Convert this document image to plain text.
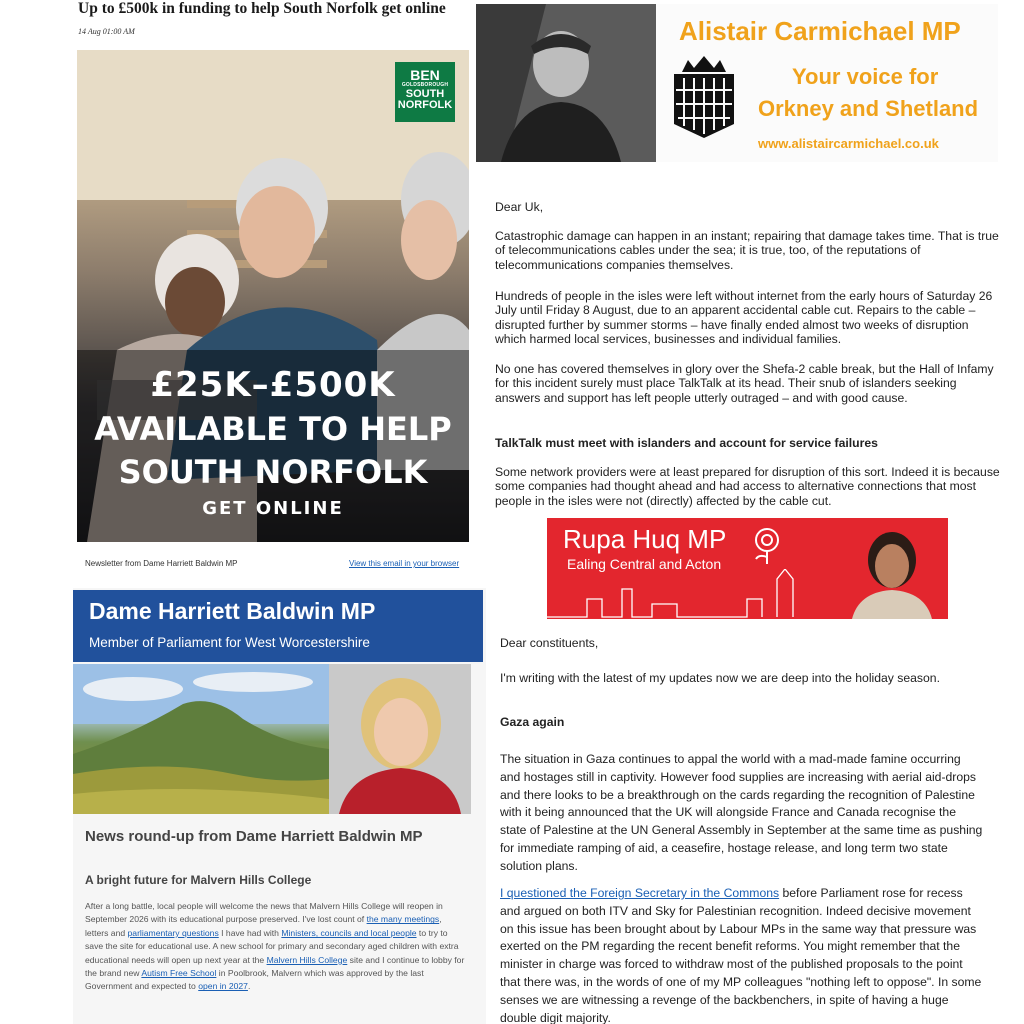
Up to £500k in funding to help South Norfolk get online
14 Aug 01:00 AM
BEN
GOLDSBOROUGH
SOUTH
NORFOLK
£25K–£500K
AVAILABLE TO HELP
SOUTH NORFOLK
GET ONLINE
Alistair Carmichael MP
Your voice for
Orkney and Shetland
www.alistaircarmichael.co.uk
Dear Uk,
Catastrophic damage can happen in an instant; repairing that damage takes time. That is true of telecommunications cables under the sea; it is true, too, of the reputations of telecommunications companies themselves.
Hundreds of people in the isles were left without internet from the early hours of Saturday 26 July until Friday 8 August, due to an apparent accidental cable cut. Repairs to the cable – disrupted further by summer storms – have finally ended almost two weeks of disruption which harmed local services, businesses and individual families.
No one has covered themselves in glory over the Shefa-2 cable break, but the Hall of Infamy for this incident surely must place TalkTalk at its head. Their snub of islanders seeking answers and support has left people utterly outraged – and with good cause.
TalkTalk must meet with islanders and account for service failures
Some network providers were at least prepared for disruption of this sort. Indeed it is because some companies had thought ahead and had access to alternative connections that most people in the isles were not (directly) affected by the cable cut.
Newsletter from Dame Harriett Baldwin MP	View this email in your browser
Dame Harriett Baldwin MP
Member of Parliament for West Worcestershire
News round-up from Dame Harriett Baldwin MP
A bright future for Malvern Hills College
After a long battle, local people will welcome the news that Malvern Hills College will reopen in September 2026 with its educational purpose preserved. I've lost count of the many meetings, letters and parliamentary questions I have had with Ministers, councils and local people to try to save the site for educational use. A new school for primary and secondary aged children with extra educational needs will open up next year at the Malvern Hills College site and I continue to lobby for the brand new Autism Free School in Poolbrook, Malvern which was approved by the last Government and expected to open in 2027.
Rupa Huq MP
Ealing Central and Acton
Dear constituents,
I'm writing with the latest of my updates now we are deep into the holiday season.
Gaza again
The situation in Gaza continues to appal the world with a mad-made famine occurring and hostages still in captivity. However food supplies are increasing with aerial aid-drops and there looks to be a breakthrough on the cards regarding the recognition of Palestine with it being announced that the UK will alongside France and Canada recognise the state of Palestine at the UN General Assembly in September at the same time as pushing for immediate ramping of aid, a ceasefire, hostage release, and long term two state solution plans.
I questioned the Foreign Secretary in the Commons before Parliament rose for recess and argued on both ITV and Sky for Palestinian recognition. Indeed decisive movement on this issue has been brought about by Labour MPs in the same way that pressure was exerted on the PM regarding the recent benefit reforms. You might remember that the minister in charge was forced to withdraw most of the published proposals to the point that there was, in the words of one of my MP colleagues "nothing left to oppose". In some senses we are witnessing a revenge of the backbenchers, in spite of having a huge double digit majority.
